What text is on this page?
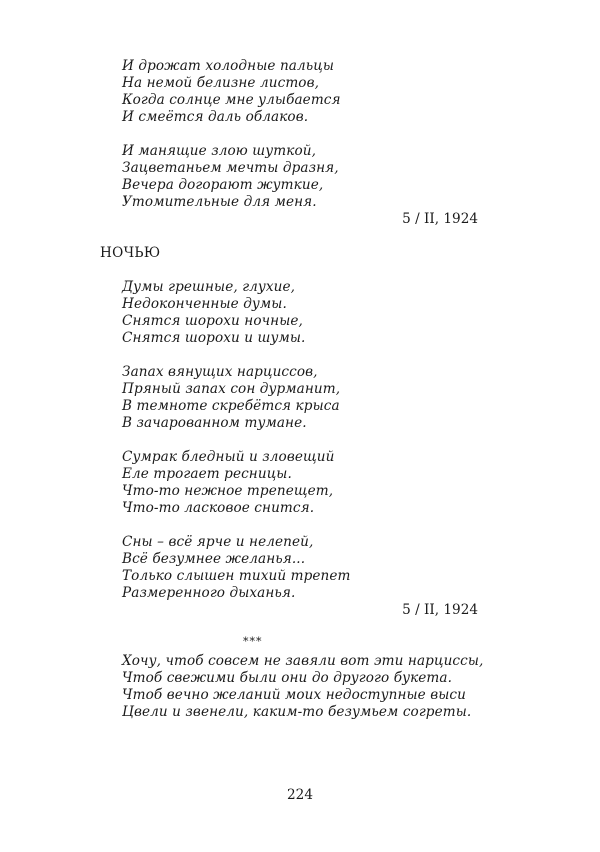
И дрожат холодные пальцы
На немой белизне листов,
Когда солнце мне улыбается
И смеётся даль облаков.
И манящие злою шуткой,
Зацветаньем мечты дразня,
Вечера догорают жуткие,
Утомительные для меня.
5 / II, 1924
НОЧЬЮ
Думы грешные, глухие,
Недоконченные думы.
Снятся шорохи ночные,
Снятся шорохи и шумы.
Запах вянущих нарциссов,
Пряный запах сон дурманит,
В темноте скребётся крыса
В зачарованном тумане.
Сумрак бледный и зловещий
Еле трогает ресницы.
Что-то нежное трепещет,
Что-то ласковое снится.
Сны – всё ярче и нелепей,
Всё безумнее желанья...
Только слышен тихий трепет
Размеренного дыханья.
5 / II, 1924
***
Хочу, чтоб совсем не завяли вот эти нарциссы,
Чтоб свежими были они до другого букета.
Чтоб вечно желаний моих недоступные выси
Цвели и звенели, каким-то безумьем согреты.
224
